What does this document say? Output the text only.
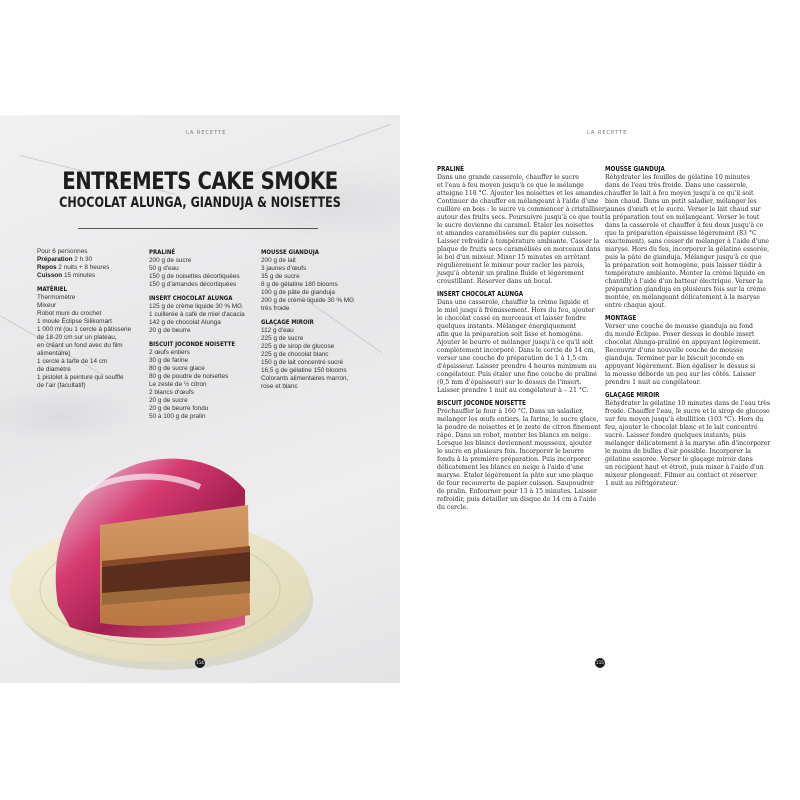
LA RECETTE
ENTREMETS CAKE SMOKE
CHOCOLAT ALUNGA, GIANDUJA & NOISETTES
Pour 6 personnes
Préparation 2 h 30
Repos 2 nuits + 8 heures
Cuisson 15 minutes
MATÉRIEL
Thermomètre
Mixeur
Robot muni du crochet
1 moule Éclipse Silikomart
1 000 ml (ou 1 cercle à pâtisserie
de 18-20 cm sur un plateau,
en créant un fond avec du film
alimentaire)
1 cercle à tarte de 14 cm
de diamètre
1 pistolet à peinture qui souffle
de l'air (facultatif)
PRALINÉ
200 g de sucre
50 g d'eau
150 g de noisettes décortiquées
150 g d'amandes décortiquées
INSERT CHOCOLAT ALUNGA
125 g de crème liquide 30 % MG
1 cuillerée à café de miel d'acacia
142 g de chocolat Alunga
20 g de beurre
BISCUIT JOCONDE NOISETTE
2 œufs entiers
30 g de farine
80 g de sucre glace
80 g de poudre de noisettes
Le zeste de ½ citron
2 blancs d'œufs
20 g de sucre
20 g de beurre fondu
50 à 100 g de pralin
MOUSSE GIANDUJA
200 g de lait
3 jaunes d'œufs
35 g de sucre
8 g de gélatine 180 blooms
100 g de pâte de gianduja
200 g de crème liquide 30 % MG
très froide
GLAÇAGE MIROIR
112 g d'eau
225 g de sucre
225 g de sirop de glucose
225 g de chocolat blanc
150 g de lait concentré sucré
16,5 g de gélatine 150 blooms
Colorants alimentaires marron,
rose et blanc
114
LA RECETTE
PRALINÉ
Dans une grande casserole, chauffer le sucre
et l'eau à feu moyen jusqu'à ce que le mélange
atteigne 118 °C. Ajouter les noisettes et les amandes.
Continuer de chauffer en mélangeant à l'aide d'une
cuillère en bois : le sucre va commencer à cristalliser
autour des fruits secs. Poursuivre jusqu'à ce que tout
le sucre devienne du caramel. Étaler les noisettes
et amandes caramélisées sur du papier cuisson.
Laisser refroidir à température ambiante. Casser la
plaque de fruits secs caramélisés en morceaux dans
le bol d'un mixeur. Mixer 15 minutes en arrêtant
régulièrement le mixeur pour racler les parois,
jusqu'à obtenir un praliné fluide et légèrement
croustillant. Réserver dans un bocal.
INSERT CHOCOLAT ALUNGA
Dans une casserole, chauffer la crème liquide et
le miel jusqu'à frémissement. Hors du feu, ajouter
le chocolat cassé en morceaux et laisser fondre
quelques instants. Mélanger énergiquement
afin que la préparation soit lisse et homogène.
Ajouter le beurre et mélanger jusqu'à ce qu'il soit
complètement incorporé. Dans le cercle de 14 cm,
verser une couche de préparation de 1 à 1,5 cm
d'épaisseur. Laisser prendre 4 heures minimum au
congélateur. Puis étaler une fine couche de praliné
(0,5 mm d'épaisseur) sur le dessus de l'insert.
Laisser prendre 1 nuit au congélateur à – 21 °C.
BISCUIT JOCONDE NOISETTE
Préchauffer le four à 160 °C. Dans un saladier,
mélanger les œufs entiers, la farine, le sucre glace,
la poudre de noisettes et le zeste de citron finement
râpé. Dans un robot, monter les blancs en neige.
Lorsque les blancs deviennent mousseux, ajouter
le sucre en plusieurs fois. Incorporer le beurre
fondu à la première préparation. Puis incorporer
délicatement les blancs en neige à l'aide d'une
maryse. Étaler légèrement la pâte sur une plaque
de four recouverte de papier cuisson. Saupoudrer
de pralin. Enfourner pour 13 à 15 minutes. Laisser
refroidir, puis détailler un disque de 14 cm à l'aide
du cercle.
MOUSSE GIANDUJA
Réhydrater les feuilles de gélatine 10 minutes
dans de l'eau très froide. Dans une casserole,
chauffer le lait à feu moyen jusqu'à ce qu'il soit
bien chaud. Dans un petit saladier, mélanger les
jaunes d'œufs et le sucre. Verser le lait chaud sur
la préparation tout en mélangeant. Verser le tout
dans la casserole et chauffer à feu doux jusqu'à ce
que la préparation épaississe légèrement (83 °C
exactement), sans cesser de mélanger à l'aide d'une
maryse. Hors du feu, incorporer la gélatine essorée,
puis la pâte de gianduja. Mélanger jusqu'à ce que
la préparation soit homogène, puis laisser tiédir à
température ambiante. Monter la crème liquide en
chantilly à l'aide d'un batteur électrique. Verser la
préparation gianduja en plusieurs fois sur la crème
montée, en mélangeant délicatement à la maryse
entre chaque ajout.
MONTAGE
Verser une couche de mousse gianduja au fond
du moule Éclipse. Poser dessus le double insert
chocolat Alunga-praliné en appuyant légèrement.
Recouvrir d'une nouvelle couche de mousse
gianduja. Terminer par le biscuit joconde en
appuyant légèrement. Bien égaliser le dessus si
la mousse déborde un peu sur les côtés. Laisser
prendre 1 nuit au congélateur.
GLAÇAGE MIROIR
Réhydrater la gélatine 10 minutes dans de l'eau très
froide. Chauffer l'eau, le sucre et le sirop de glucose
sur feu moyen jusqu'à ébullition (103 °C). Hors du
feu, ajouter le chocolat blanc et le lait concentré
sucré. Laisser fondre quelques instants, puis
mélanger délicatement à la maryse afin d'incorporer
le moins de bulles d'air possible. Incorporer la
gélatine essorée. Verser le glaçage miroir dans
un récipient haut et étroit, puis mixer à l'aide d'un
mixeur plongeant. Filmer au contact et réserver
1 nuit au réfrigérateur.
115
